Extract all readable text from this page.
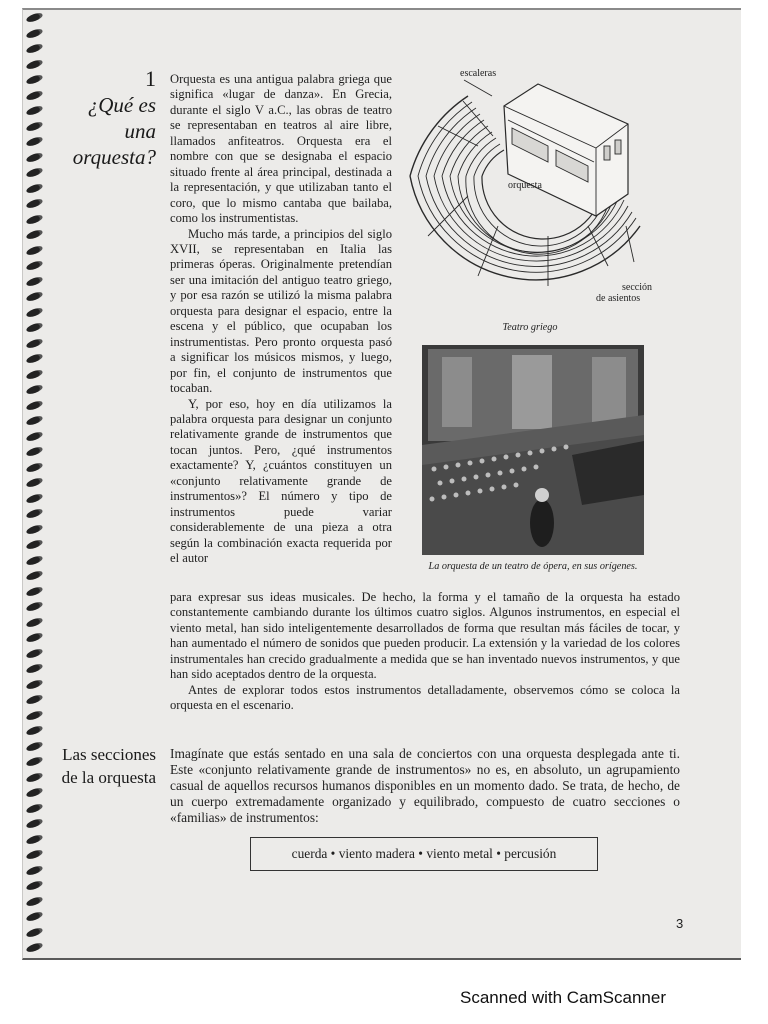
1
¿Qué es una orquesta?
Las secciones de la orquesta

Orquesta es una antigua palabra griega que significa «lugar de danza». En Grecia, durante el siglo V a.C., las obras de teatro se representaban en teatros al aire libre, llamados anfiteatros. Orquesta era el nombre con que se designaba el espacio situado frente al área principal, destinada a la representación, y que utilizaban tanto el coro, que lo mismo cantaba que bailaba, como los instrumentistas.

Mucho más tarde, a principios del siglo XVII, se representaban en Italia las primeras óperas. Originalmente pretendían ser una imitación del antiguo teatro griego, y por esa razón se utilizó la misma palabra orquesta para designar el espacio, entre la escena y el público, que ocupaban los instrumentistas. Pero pronto orquesta pasó a significar los músicos mismos, y luego, por fin, el conjunto de instrumentos que tocaban.

Y, por eso, hoy en día utilizamos la palabra orquesta para designar un conjunto relativamente grande de instrumentos que tocan juntos. Pero, ¿qué instrumentos exactamente? Y, ¿cuántos constituyen un «conjunto relativamente grande de instrumentos»? El número y tipo de instrumentos puede variar considerablemente de una pieza a otra según la combinación exacta requerida por el autor

para expresar sus ideas musicales. De hecho, la forma y el tamaño de la orquesta ha estado constantemente cambiando durante los últimos cuatro siglos. Algunos instrumentos, en especial el viento metal, han sido inteligentemente desarrollados de forma que resultan más fáciles de tocar, y han aumentado el número de sonidos que pueden producir. La extensión y la variedad de los colores instrumentales han crecido gradualmente a medida que se han inventado nuevos instrumentos, y que han sido aceptados dentro de la orquesta.

Antes de explorar todos estos instrumentos detalladamente, observemos cómo se coloca la orquesta en el escenario.

Imagínate que estás sentado en una sala de conciertos con una orquesta desplegada ante ti. Este «conjunto relativamente grande de instrumentos» no es, en absoluto, un agrupamiento casual de aquellos recursos humanos disponibles en un momento dado. Se trata, de hecho, de un cuerpo extremadamente organizado y equilibrado, compuesto de cuatro secciones o «familias» de instrumentos:

escaleras
orquesta
sección
de asientos
Teatro griego
La orquesta de un teatro de ópera, en sus orígenes.
cuerda • viento madera • viento metal • percusión
3
Scanned with CamScanner
